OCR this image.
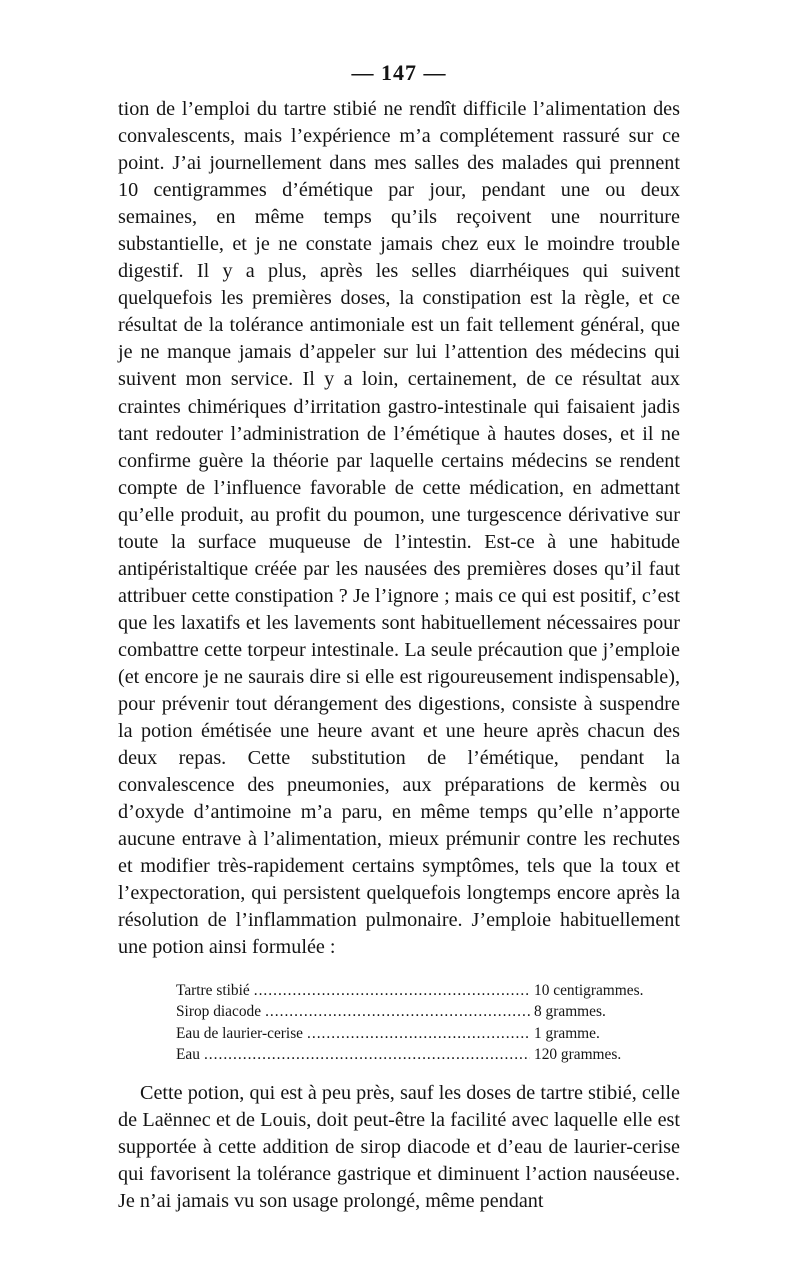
— 147 —

tion de l’emploi du tartre stibié ne rendît difficile l’alimentation des convalescents, mais l’expérience m’a complétement rassuré sur ce point. J’ai journellement dans mes salles des malades qui prennent 10 centigrammes d’émétique par jour, pendant une ou deux semaines, en même temps qu’ils reçoivent une nourriture substantielle, et je ne constate jamais chez eux le moindre trouble digestif. Il y a plus, après les selles diarrhéiques qui suivent quelquefois les premières doses, la constipation est la règle, et ce résultat de la tolérance antimoniale est un fait tellement général, que je ne manque jamais d’appeler sur lui l’attention des médecins qui suivent mon service. Il y a loin, certainement, de ce résultat aux craintes chimériques d’irritation gastro-intestinale qui faisaient jadis tant redouter l’administration de l’émétique à hautes doses, et il ne confirme guère la théorie par laquelle certains médecins se rendent compte de l’influence favorable de cette médication, en admettant qu’elle produit, au profit du poumon, une turgescence dérivative sur toute la surface muqueuse de l’intestin. Est-ce à une habitude antipéristaltique créée par les nausées des premières doses qu’il faut attribuer cette constipation ? Je l’ignore ; mais ce qui est positif, c’est que les laxatifs et les lavements sont habituellement nécessaires pour combattre cette torpeur intestinale. La seule précaution que j’emploie (et encore je ne saurais dire si elle est rigoureusement indispensable), pour prévenir tout dérangement des digestions, consiste à suspendre la potion émétisée une heure avant et une heure après chacun des deux repas. Cette substitution de l’émétique, pendant la convalescence des pneumonies, aux préparations de kermès ou d’oxyde d’antimoine m’a paru, en même temps qu’elle n’apporte aucune entrave à l’alimentation, mieux prémunir contre les rechutes et modifier très-rapidement certains symptômes, tels que la toux et l’expectoration, qui persistent quelquefois longtemps encore après la résolution de l’inflammation pulmonaire. J’emploie habituellement une potion ainsi formulée :

Tartre stibié .....	10 centigrammes.
Sirop diacode .....	8 grammes.
Eau de laurier-cerise .....	1 gramme.
Eau .....	120 grammes.

Cette potion, qui est à peu près, sauf les doses de tartre stibié, celle de Laënnec et de Louis, doit peut-être la facilité avec laquelle elle est supportée à cette addition de sirop diacode et d’eau de laurier-cerise qui favorisent la tolérance gastrique et diminuent l’action nauséeuse. Je n’ai jamais vu son usage prolongé, même pendant
